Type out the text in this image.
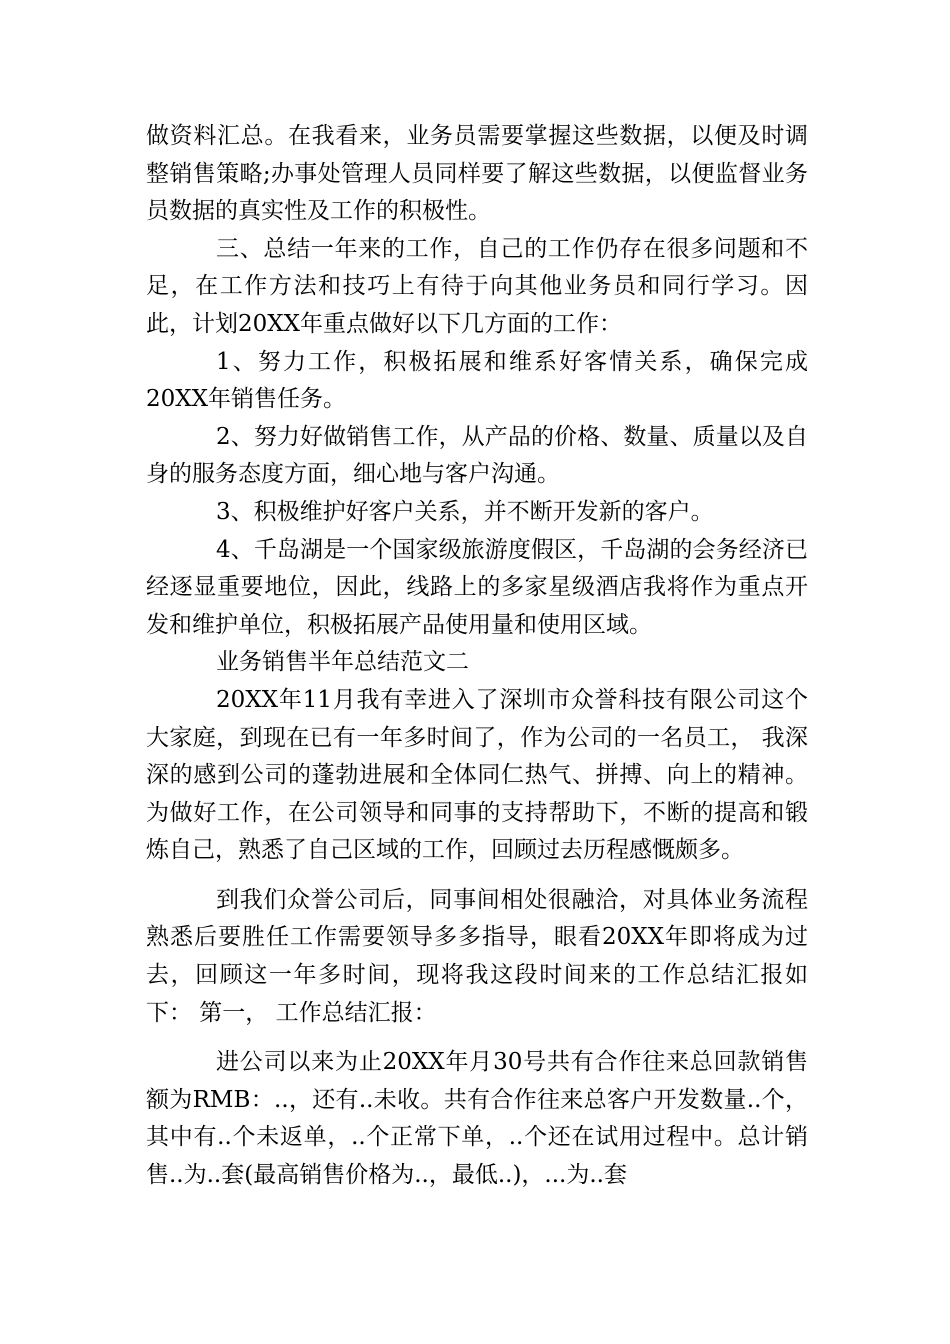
做资料汇总。在我看来，业务员需要掌握这些数据，以便及时调整销售策略;办事处管理人员同样要了解这些数据，以便监督业务员数据的真实性及工作的积极性。

三、总结一年来的工作，自己的工作仍存在很多问题和不足，在工作方法和技巧上有待于向其他业务员和同行学习。因此，计划20XX年重点做好以下几方面的工作：

1、努力工作，积极拓展和维系好客情关系，确保完成20XX年销售任务。

2、努力好做销售工作，从产品的价格、数量、质量以及自身的服务态度方面，细心地与客户沟通。

3、积极维护好客户关系，并不断开发新的客户。

4、千岛湖是一个国家级旅游度假区，千岛湖的会务经济已经逐显重要地位，因此，线路上的多家星级酒店我将作为重点开发和维护单位，积极拓展产品使用量和使用区域。

业务销售半年总结范文二

20XX年11月我有幸进入了深圳市众誉科技有限公司这个大家庭，到现在已有一年多时间了，作为公司的一名员工， 我深深的感到公司的蓬勃进展和全体同仁热气、拼搏、向上的精神。 为做好工作，在公司领导和同事的支持帮助下，不断的提高和锻炼自己，熟悉了自己区域的工作，回顾过去历程感慨颇多。

到我们众誉公司后，同事间相处很融洽，对具体业务流程熟悉后要胜任工作需要领导多多指导，眼看20XX年即将成为过去，回顾这一年多时间，现将我这段时间来的工作总结汇报如下： 第一， 工作总结汇报：

进公司以来为止20XX年月30号共有合作往来总回款销售额为RMB：..，还有..未收。共有合作往来总客户开发数量..个，其中有..个未返单，..个正常下单，..个还在试用过程中。总计销售..为..套(最高销售价格为..，最低..)，...为..套
